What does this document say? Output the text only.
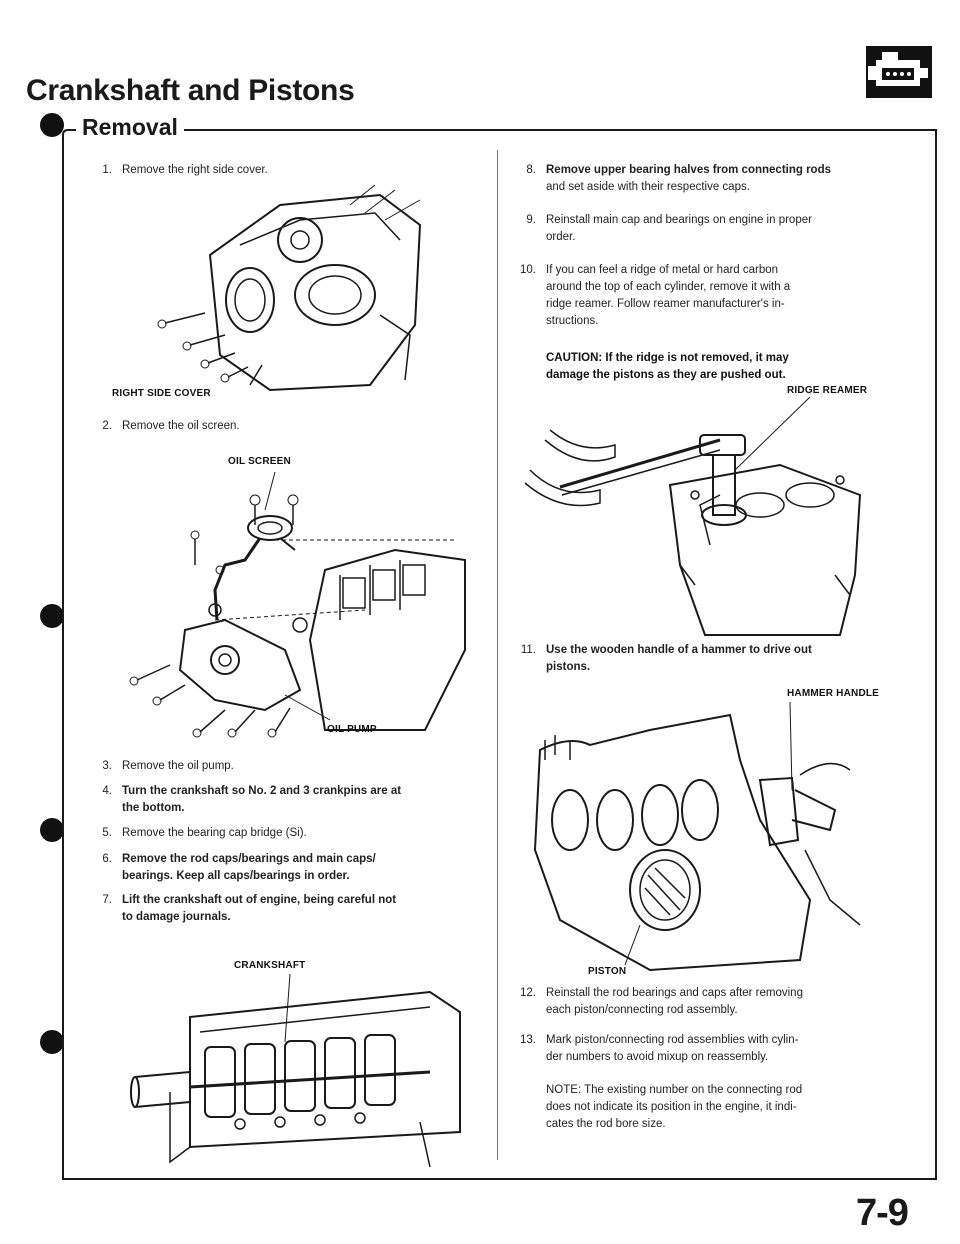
Crankshaft and Pistons
Removal
1. Remove the right side cover.
RIGHT SIDE COVER
2. Remove the oil screen.
OIL SCREEN
OIL PUMP
3. Remove the oil pump.
4. Turn the crankshaft so No. 2 and 3 crankpins are at
the bottom.
5. Remove the bearing cap bridge (Si).
6. Remove the rod caps/bearings and main caps/
bearings. Keep all caps/bearings in order.
7. Lift the crankshaft out of engine, being careful not
to damage journals.
CRANKSHAFT
8. Remove upper bearing halves from connecting rods
and set aside with their respective caps.
9. Reinstall main cap and bearings on engine in proper
order.
10. If you can feel a ridge of metal or hard carbon
around the top of each cylinder, remove it with a
ridge reamer. Follow reamer manufacturer's in-
structions.
CAUTION: If the ridge is not removed, it may
damage the pistons as they are pushed out.
RIDGE REAMER
11. Use the wooden handle of a hammer to drive out
pistons.
HAMMER HANDLE
PISTON
12. Reinstall the rod bearings and caps after removing
each piston/connecting rod assembly.
13. Mark piston/connecting rod assemblies with cylin-
der numbers to avoid mixup on reassembly.
NOTE: The existing number on the connecting rod
does not indicate its position in the engine, it indi-
cates the rod bore size.
7-9
